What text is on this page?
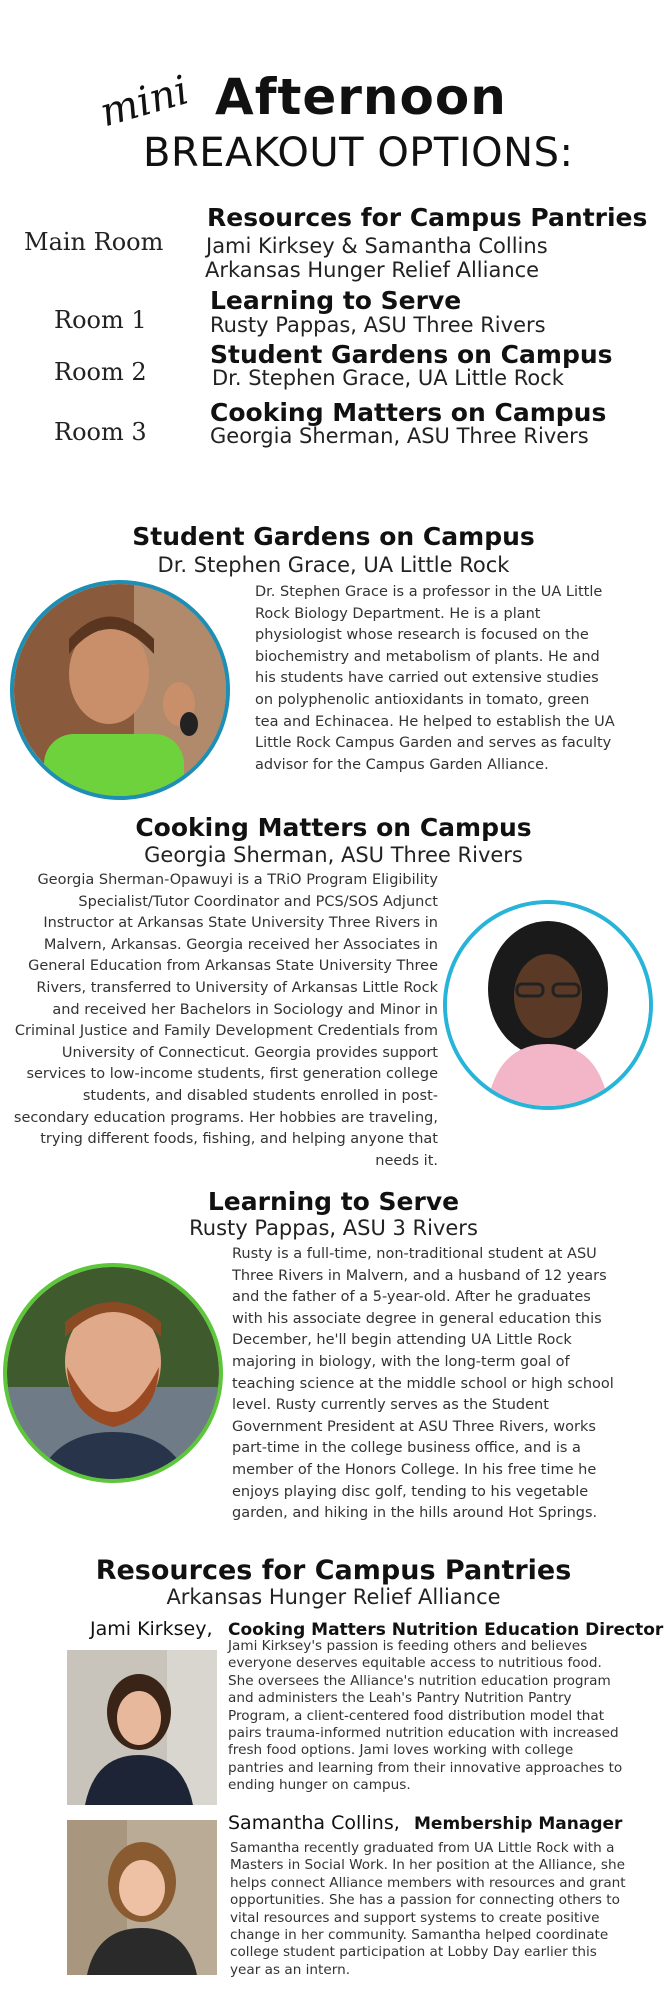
mini Afternoon
BREAKOUT OPTIONS:
Main Room
Resources for Campus Pantries
Jami Kirksey & Samantha Collins
Arkansas Hunger Relief Alliance
Room 1
Learning to Serve
Rusty Pappas, ASU Three Rivers
Room 2
Student Gardens on Campus
Dr. Stephen Grace, UA Little Rock
Room 3
Cooking Matters on Campus
Georgia Sherman, ASU Three Rivers
Student Gardens on Campus
Dr. Stephen Grace, UA Little Rock
Dr. Stephen Grace is a professor in the UA Little Rock Biology Department. He is a plant physiologist whose research is focused on the biochemistry and metabolism of plants. He and his students have carried out extensive studies on polyphenolic antioxidants in tomato, green tea and Echinacea. He helped to establish the UA Little Rock Campus Garden and serves as faculty advisor for the Campus Garden Alliance.
Cooking Matters on Campus
Georgia Sherman, ASU Three Rivers
Georgia Sherman-Opawuyi is a TRiO Program Eligibility Specialist/Tutor Coordinator and PCS/SOS Adjunct Instructor at Arkansas State University Three Rivers in Malvern, Arkansas. Georgia received her Associates in General Education from Arkansas State University Three Rivers, transferred to University of Arkansas Little Rock and received her Bachelors in Sociology and Minor in Criminal Justice and Family Development Credentials from University of Connecticut. Georgia provides support services to low-income students, first generation college students, and disabled students enrolled in post-secondary education programs. Her hobbies are traveling, trying different foods, fishing, and helping anyone that needs it.
Learning to Serve
Rusty Pappas, ASU 3 Rivers
Rusty is a full-time, non-traditional student at ASU Three Rivers in Malvern, and a husband of 12 years and the father of a 5-year-old. After he graduates with his associate degree in general education this December, he'll begin attending UA Little Rock majoring in biology, with the long-term goal of teaching science at the middle school or high school level. Rusty currently serves as the Student Government President at ASU Three Rivers, works part-time in the college business office, and is a member of the Honors College. In his free time he enjoys playing disc golf, tending to his vegetable garden, and hiking in the hills around Hot Springs.
Resources for Campus Pantries
Arkansas Hunger Relief Alliance
Jami Kirksey, Cooking Matters Nutrition Education Director
Jami Kirksey's passion is feeding others and believes everyone deserves equitable access to nutritious food. She oversees the Alliance's nutrition education program and administers the Leah's Pantry Nutrition Pantry Program, a client-centered food distribution model that pairs trauma-informed nutrition education with increased fresh food options. Jami loves working with college pantries and learning from their innovative approaches to ending hunger on campus.
Samantha Collins, Membership Manager
Samantha recently graduated from UA Little Rock with a Masters in Social Work. In her position at the Alliance, she helps connect Alliance members with resources and grant opportunities. She has a passion for connecting others to vital resources and support systems to create positive change in her community. Samantha helped coordinate college student participation at Lobby Day earlier this year as an intern.
